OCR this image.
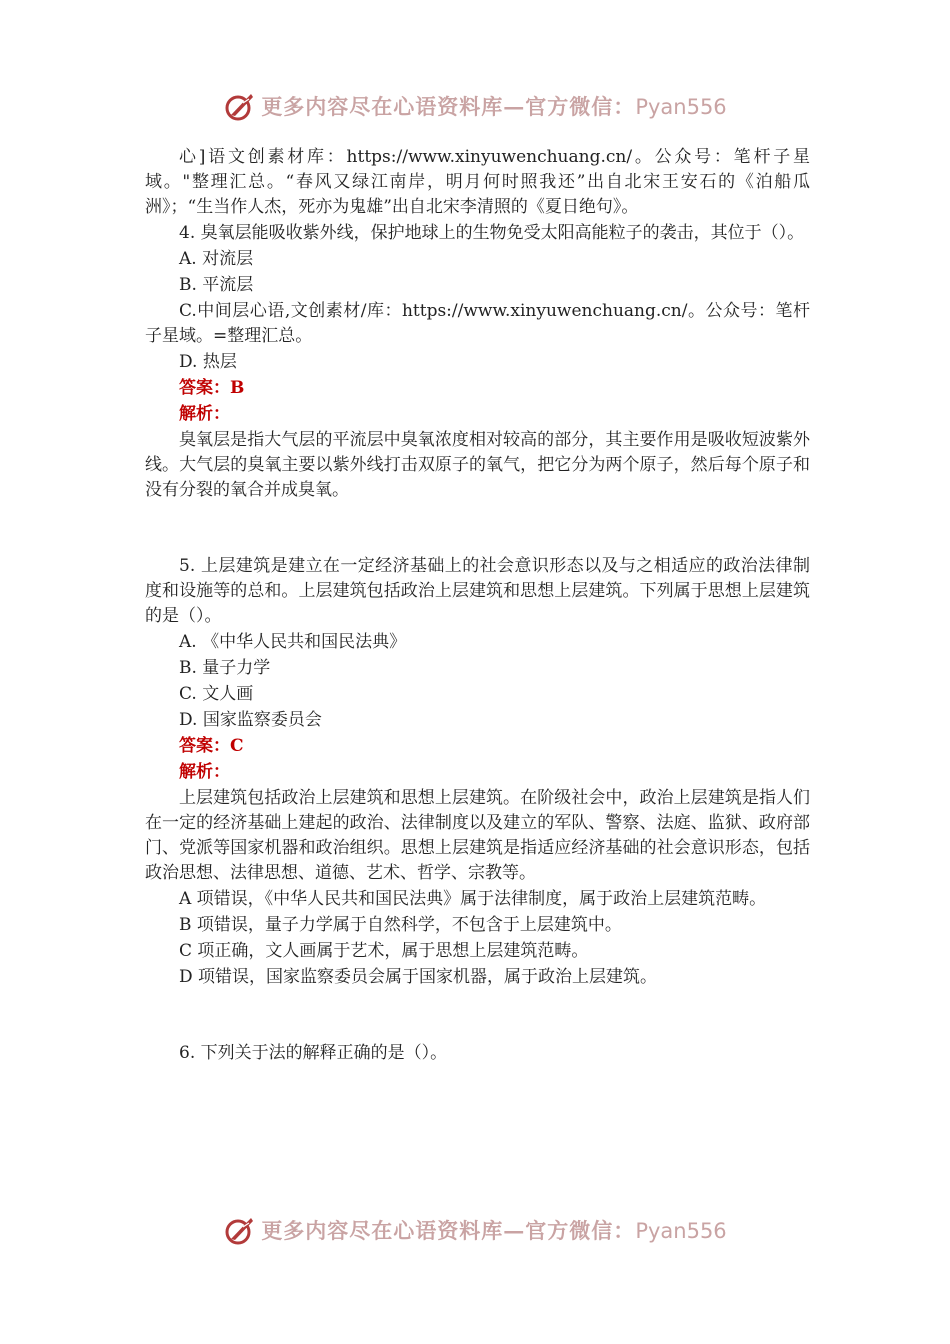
更多内容尽在心语资料库—官方微信：Pyan556

心]语文创素材库：https://www.xinyuwenchuang.cn/。公众号：笔杆子星域。"整理汇总。“春风又绿江南岸，明月何时照我还”出自北宋王安石的《泊船瓜洲》；“生当作人杰，死亦为鬼雄”出自北宋李清照的《夏日绝句》。

4. 臭氧层能吸收紫外线，保护地球上的生物免受太阳高能粒子的袭击，其位于（）。

A. 对流层

B. 平流层

C.中间层心语,文创素材/库：https://www.xinyuwenchuang.cn/。公众号：笔杆子星域。=整理汇总。

D. 热层

答案：B

解析：

臭氧层是指大气层的平流层中臭氧浓度相对较高的部分，其主要作用是吸收短波紫外线。大气层的臭氧主要以紫外线打击双原子的氧气，把它分为两个原子，然后每个原子和没有分裂的氧合并成臭氧。

5. 上层建筑是建立在一定经济基础上的社会意识形态以及与之相适应的政治法律制度和设施等的总和。上层建筑包括政治上层建筑和思想上层建筑。下列属于思想上层建筑的是（）。

A. 《中华人民共和国民法典》

B. 量子力学

C. 文人画

D. 国家监察委员会

答案：C

解析：

上层建筑包括政治上层建筑和思想上层建筑。在阶级社会中，政治上层建筑是指人们在一定的经济基础上建起的政治、法律制度以及建立的军队、警察、法庭、监狱、政府部门、党派等国家机器和政治组织。思想上层建筑是指适应经济基础的社会意识形态，包括政治思想、法律思想、道德、艺术、哲学、宗教等。

A 项错误，《中华人民共和国民法典》属于法律制度，属于政治上层建筑范畴。

B 项错误，量子力学属于自然科学，不包含于上层建筑中。

C 项正确，文人画属于艺术，属于思想上层建筑范畴。

D 项错误，国家监察委员会属于国家机器，属于政治上层建筑。

6. 下列关于法的解释正确的是（）。

更多内容尽在心语资料库—官方微信：Pyan556
